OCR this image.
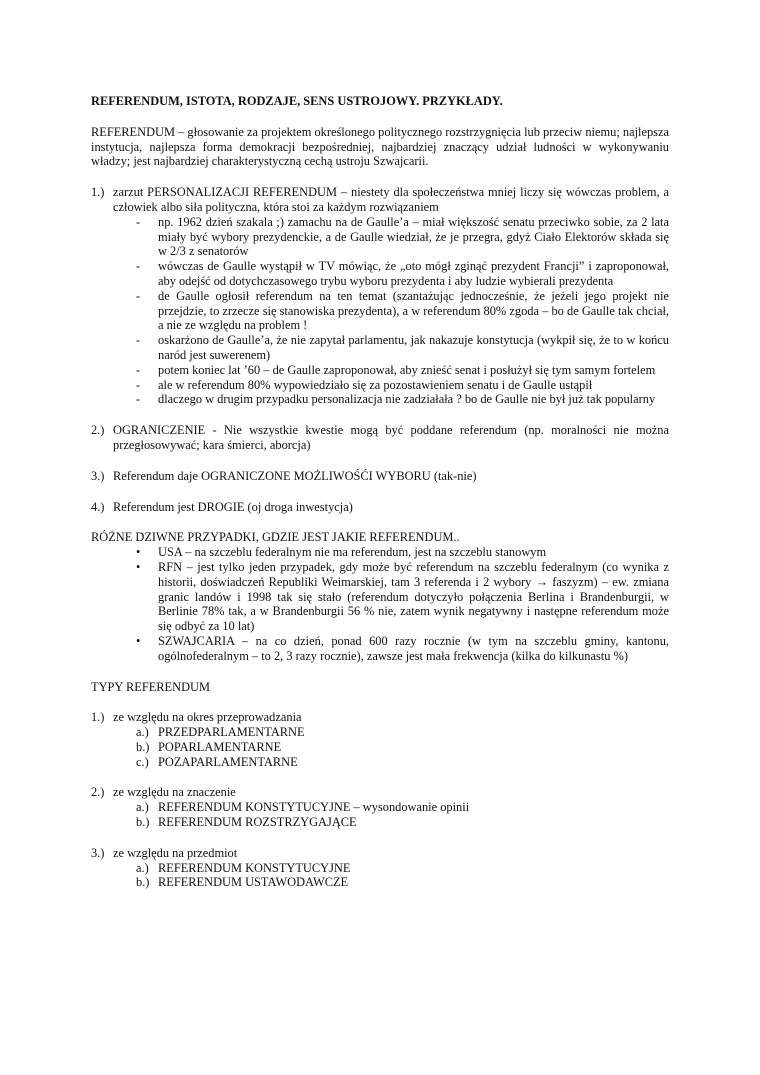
REFERENDUM, ISTOTA, RODZAJE, SENS USTROJOWY. PRZYKŁADY.

REFERENDUM – głosowanie za projektem określonego politycznego rozstrzygnięcia lub przeciw niemu; najlepsza instytucja, najlepsza forma demokracji bezpośredniej, najbardziej znaczący udział ludności w wykonywaniu władzy; jest najbardziej charakterystyczną cechą ustroju Szwajcarii.

1.) zarzut PERSONALIZACJI REFERENDUM – niestety dla społeczeństwa mniej liczy się wówczas problem, a człowiek albo siła polityczna, która stoi za każdym rozwiązaniem
-	np. 1962 dzień szakala ;) zamachu na de Gaulle’a – miał większość senatu przeciwko sobie, za 2 lata miały być wybory prezydenckie, a de Gaulle wiedział, że je przegra, gdyż Ciało Elektorów składa się w 2/3 z senatorów
-	wówczas de Gaulle wystąpił w TV mówiąc, że „oto mógł zginąć prezydent Francji” i zaproponował, aby odejść od dotychczasowego trybu wyboru prezydenta i aby ludzie wybierali prezydenta
-	de Gaulle ogłosił referendum na ten temat (szantażując jednocześnie, że jeżeli jego projekt nie przejdzie, to zrzecze się stanowiska prezydenta), a w referendum 80% zgoda – bo de Gaulle tak chciał, a nie ze względu na problem !
-	oskarżono de Gaulle’a, że nie zapytał parlamentu, jak nakazuje konstytucja (wykpił się, że to w końcu naród jest suwerenem)
-	potem koniec lat ’60 – de Gaulle zaproponował, aby znieść senat i posłużył się tym samym fortelem
-	ale w referendum 80% wypowiedziało się za pozostawieniem senatu i de Gaulle ustąpił
-	dlaczego w drugim przypadku personalizacja nie zadziałała ? bo de Gaulle nie był już tak popularny
2.) OGRANICZENIE - Nie wszystkie kwestie mogą być poddane referendum (np. moralności nie można przegłosowywać; kara śmierci, aborcja)
3.) Referendum daje OGRANICZONE MOŻLIWOŚĆI WYBORU (tak-nie)
4.) Referendum jest DROGIE (oj droga inwestycja)

RÓŻNE DZIWNE PRZYPADKI, GDZIE JEST JAKIE REFERENDUM..

•	USA – na szczeblu federalnym nie ma referendum, jest na szczeblu stanowym
•	RFN – jest tylko jeden przypadek, gdy może być referendum na szczeblu federalnym (co wynika z historii, doświadczeń Republiki Weimarskiej, tam 3 referenda i 2 wybory → faszyzm) – ew. zmiana granic landów i 1998 tak się stało (referendum dotyczyło połączenia Berlina i Brandenburgii, w Berlinie 78% tak, a w Brandenburgii 56 % nie, zatem wynik negatywny i następne referendum może się odbyć za 10 lat)
•	SZWAJCARIA – na co dzień, ponad 600 razy rocznie (w tym na szczeblu gminy, kantonu, ogólnofederalnym – to 2, 3 razy rocznie), zawsze jest mała frekwencja (kilka do kilkunastu %)

TYPY REFERENDUM

1.) ze względu na okres przeprowadzania
a.) PRZEDPARLAMENTARNE
b.) POPARLAMENTARNE
c.) POZAPARLAMENTARNE
2.) ze względu na znaczenie
a.) REFERENDUM KONSTYTUCYJNE – wysondowanie opinii
b.) REFERENDUM ROZSTRZYGAJĄCE
3.) ze względu na przedmiot
a.) REFERENDUM KONSTYTUCYJNE
b.) REFERENDUM USTAWODAWCZE
